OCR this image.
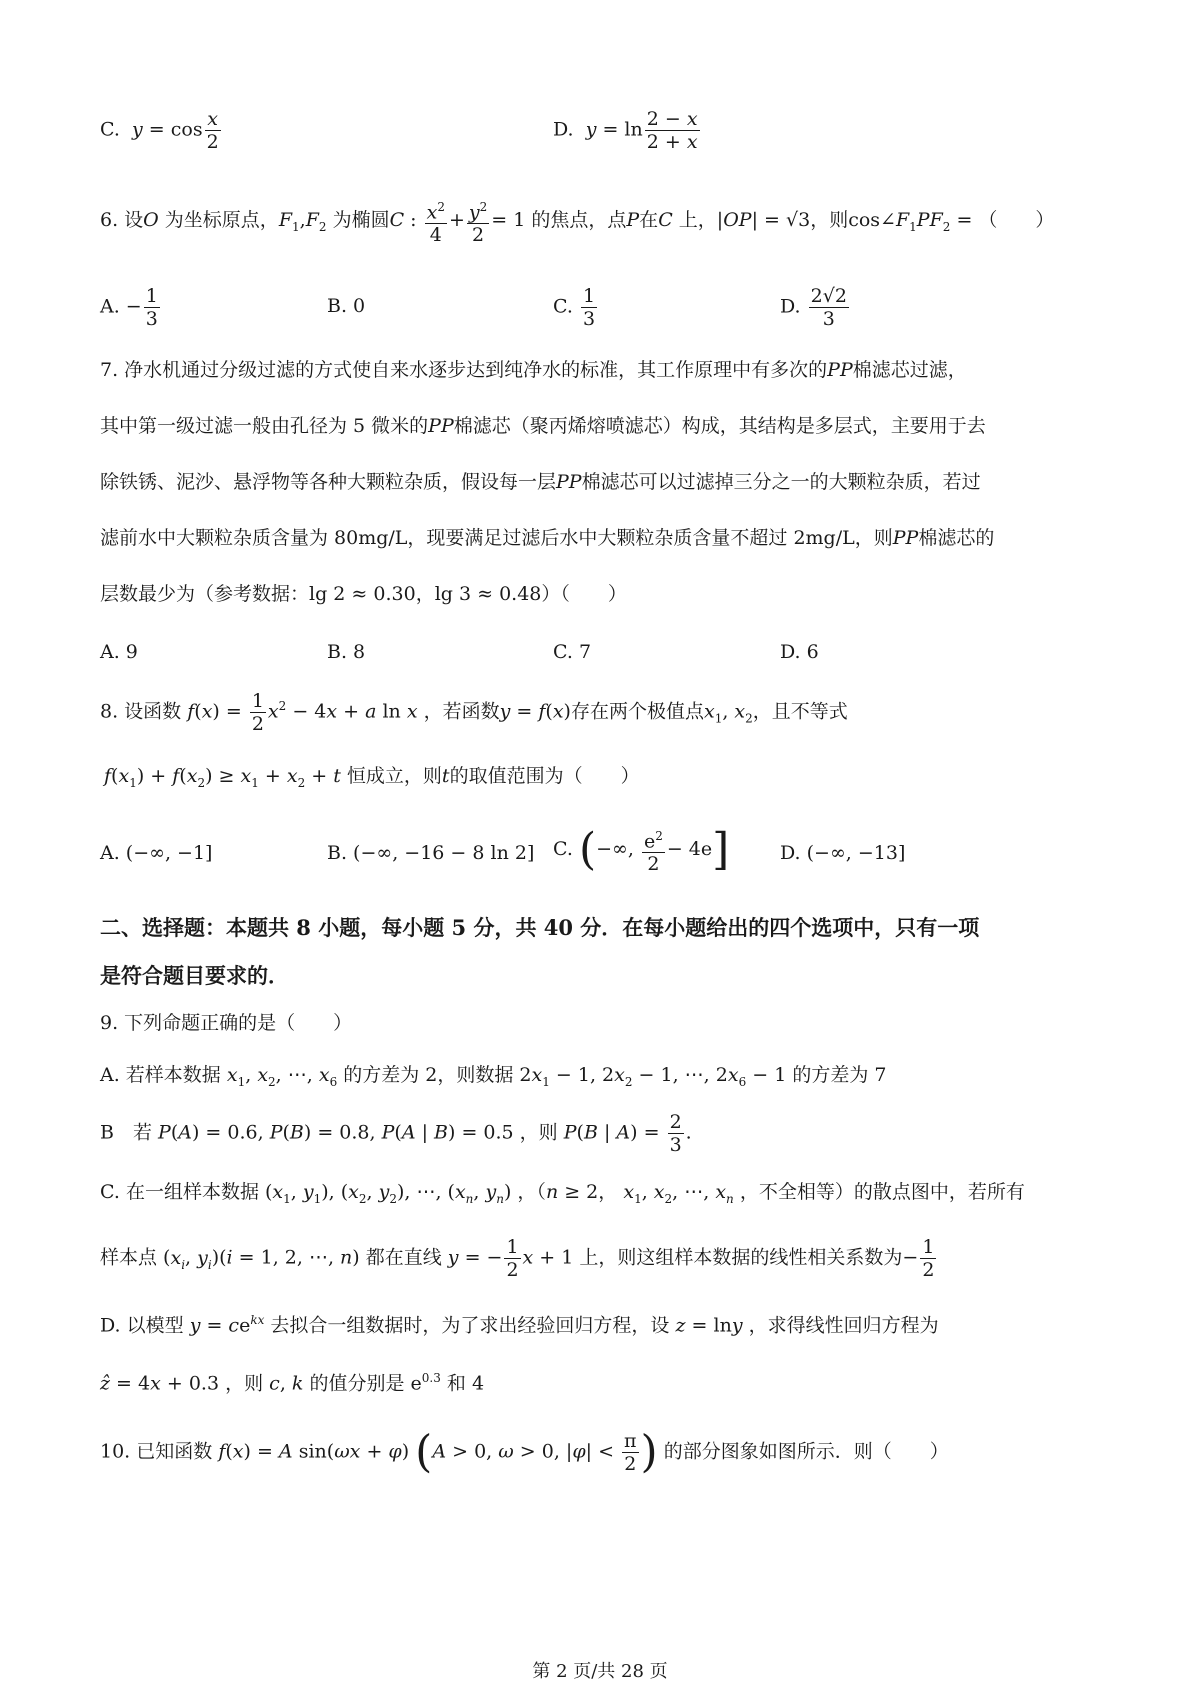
C. $y = \cos \frac{x}{2}$	D. $y = \ln \frac{2 - x}{2 + x}$
6. 设O 为坐标原点，$F_1,F_2$ 为椭圆C : $\frac{x^2}{4} + \frac{y^2}{2} = 1$ 的焦点，点P在C 上，|OP| = √3，则$\cos\angle F_1PF_2$ = （　　）
A. − $\frac{1}{3}$	B. 0	C. $\frac{1}{3}$	D. $\frac{2√2}{3}$
7. 净水机通过分级过滤的方式使自来水逐步达到纯净水的标准，其工作原理中有多次的PP棉滤芯过滤，
其中第一级过滤一般由孔径为 5 微米的PP棉滤芯（聚丙烯熔喷滤芯）构成，其结构是多层式，主要用于去
除铁锈、泥沙、悬浮物等各种大颗粒杂质，假设每一层PP棉滤芯可以过滤掉三分之一的大颗粒杂质，若过
滤前水中大颗粒杂质含量为 80mg/L，现要满足过滤后水中大颗粒杂质含量不超过 2mg/L，则PP棉滤芯的
层数最少为（参考数据：lg 2 ≈ 0.30，lg 3 ≈ 0.48）（　　）
A. 9	B. 8	C. 7	D. 6
8. 设函数 $f(x) = \frac{1}{2} x^2 - 4x + a$ ln x ，若函数y = f(x)存在两个极值点$x_1$, $x_2$，且不等式
$f(x_1) + f(x_2) \ge x_1 + x_2 + t$ 恒成立，则t的取值范围为（　　）
A. (−∞, −1]	B. (−∞, −16 − 8 ln 2] C. (−∞, $\frac{e^2}{2} - 4e$]	D. (−∞, −13]
二、选择题：本题共 8 小题，每小题 5 分，共 40 分．在每小题给出的四个选项中，只有一项
是符合题目要求的．
9. 下列命题正确的是（　　）
A. 若样本数据 $x_1$, $x_2$, ⋯, $x_6$ 的方差为 2，则数据 $2x_1 - 1$, $2x_2 - 1$, ⋯, $2x_6 - 1$ 的方差为 7
B　若 P(A) = 0.6, P(B) = 0.8, P(A | B) = 0.5 ，则 P(B | $A) = \frac{2}{3}$ .
C. 在一组样本数据 ($x_1$, $y_1$), ($x_2$, $y_2$), ⋯, ($x_n$, $y_n$) ，（n ≥ 2， $x_1$, $x_2$, ⋯, $x_n$ ，不全相等）的散点图中，若所有
样本点 ($x_i$, $y_i)(i = 1$, 2, ⋯, n) 都在直线 y = − $\frac{1}{2}$ x + 1 上，则这组样本数据的线性相关系数为− $\frac{1}{2}$
D. 以模型 $y = ce^{kx}$ 去拟合一组数据时，为了求出经验回归方程，设 z = lny ，求得线性回归方程为
ẑ = 4x + 0.3 ，则 c, k 的值分别是 $e^{0.3}$ 和 4
10. 已知函数 f(x) = A sin(ωx + φ) (A > 0, ω > 0, $|\varphi| < \frac{\pi}{2}$ ) 的部分图象如图所示．则（　　）
第 2 页/共 28 页
